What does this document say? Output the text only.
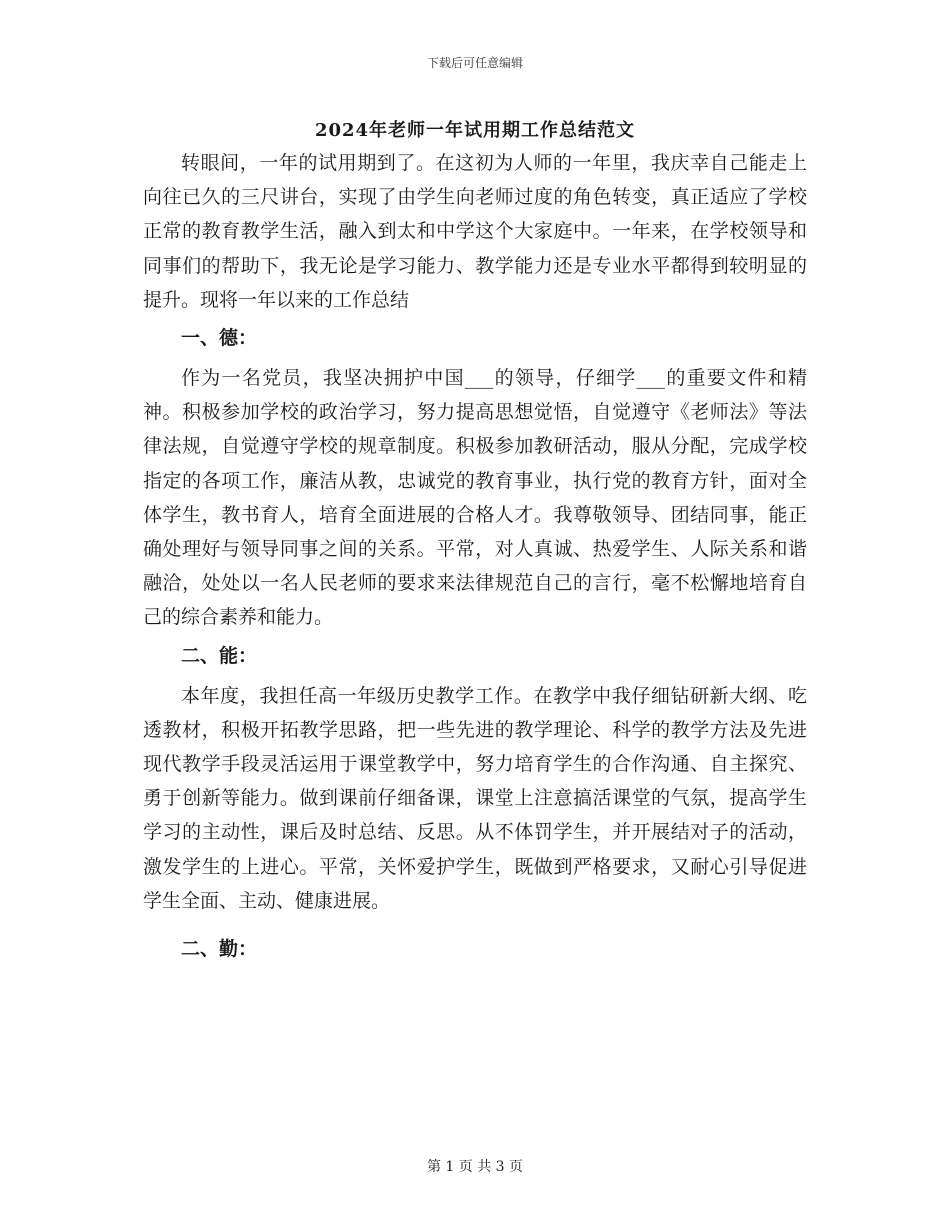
下载后可任意编辑
2024年老师一年试用期工作总结范文

转眼间，一年的试用期到了。在这初为人师的一年里，我庆幸自己能走上向往已久的三尺讲台，实现了由学生向老师过度的角色转变，真正适应了学校正常的教育教学生活，融入到太和中学这个大家庭中。一年来，在学校领导和同事们的帮助下，我无论是学习能力、教学能力还是专业水平都得到较明显的提升。现将一年以来的工作总结

一、德：

作为一名党员，我坚决拥护中国___的领导，仔细学___的重要文件和精神。积极参加学校的政治学习，努力提高思想觉悟，自觉遵守《老师法》等法律法规，自觉遵守学校的规章制度。积极参加教研活动，服从分配，完成学校指定的各项工作，廉洁从教，忠诚党的教育事业，执行党的教育方针，面对全体学生，教书育人，培育全面进展的合格人才。我尊敬领导、团结同事，能正确处理好与领导同事之间的关系。平常，对人真诚、热爱学生、人际关系和谐融洽，处处以一名人民老师的要求来法律规范自己的言行，毫不松懈地培育自己的综合素养和能力。

二、能：

本年度，我担任高一年级历史教学工作。在教学中我仔细钻研新大纲、吃透教材，积极开拓教学思路，把一些先进的教学理论、科学的教学方法及先进现代教学手段灵活运用于课堂教学中，努力培育学生的合作沟通、自主探究、勇于创新等能力。做到课前仔细备课，课堂上注意搞活课堂的气氛，提高学生学习的主动性，课后及时总结、反思。从不体罚学生，并开展结对子的活动，激发学生的上进心。平常，关怀爱护学生，既做到严格要求，又耐心引导促进学生全面、主动、健康进展。

二、勤：
第 1 页 共 3 页
